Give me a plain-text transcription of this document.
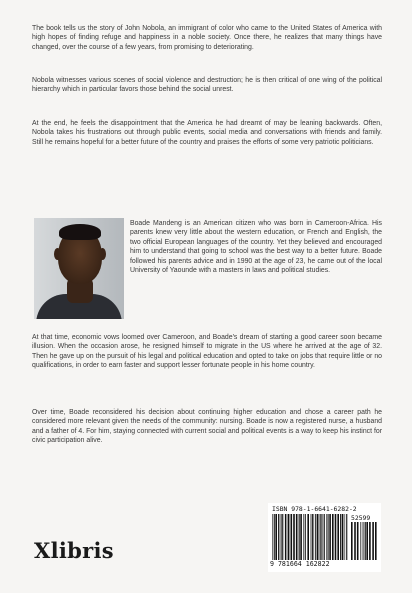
The book tells us the story of John Nobola, an immigrant of color who came to the United States of America with high hopes of finding refuge and happiness in a noble society. Once there, he realizes that many things have changed, over the course of a few years, from promising to deteriorating.

Nobola witnesses various scenes of social violence and destruction; he is then critical of one wing of the political hierarchy which in particular favors those behind the social unrest.

At the end, he feels the disappointment that the America he had dreamt of may be leaning backwards. Often, Nobola takes his frustrations out through public events, social media and conversations with friends and family. Still he remains hopeful for a better future of the country and praises the efforts of some very patriotic politicians.

Boade Mandeng is an American citizen who was born in Cameroon-Africa. His parents knew very little about the western education, or French and English, the two official European languages of the country. Yet they believed and encouraged him to understand that going to school was the best way to a better future. Boade followed his parents advice and in 1990 at the age of 23, he came out of the local University of Yaounde with a masters in laws and political studies.

At that time, economic vows loomed over Cameroon, and Boade's dream of starting a good career soon became illusion. When the occasion arose, he resigned himself to migrate in the US where he arrived at the age of 32. Then he gave up on the pursuit of his legal and political education and opted to take on jobs that require little or no qualifications, in order to earn faster and support lesser fortunate people in his home country.

Over time, Boade reconsidered his decision about continuing higher education and chose a career path he considered more relevant given the needs of the community: nursing. Boade is now a registered nurse, a husband and a father of 4. For him, staying connected with current social and political events is a way to keep his instinct for civic participation alive.

Xlibris
ISBN 978-1-6641-6282-2
52599
9 781664 162822
